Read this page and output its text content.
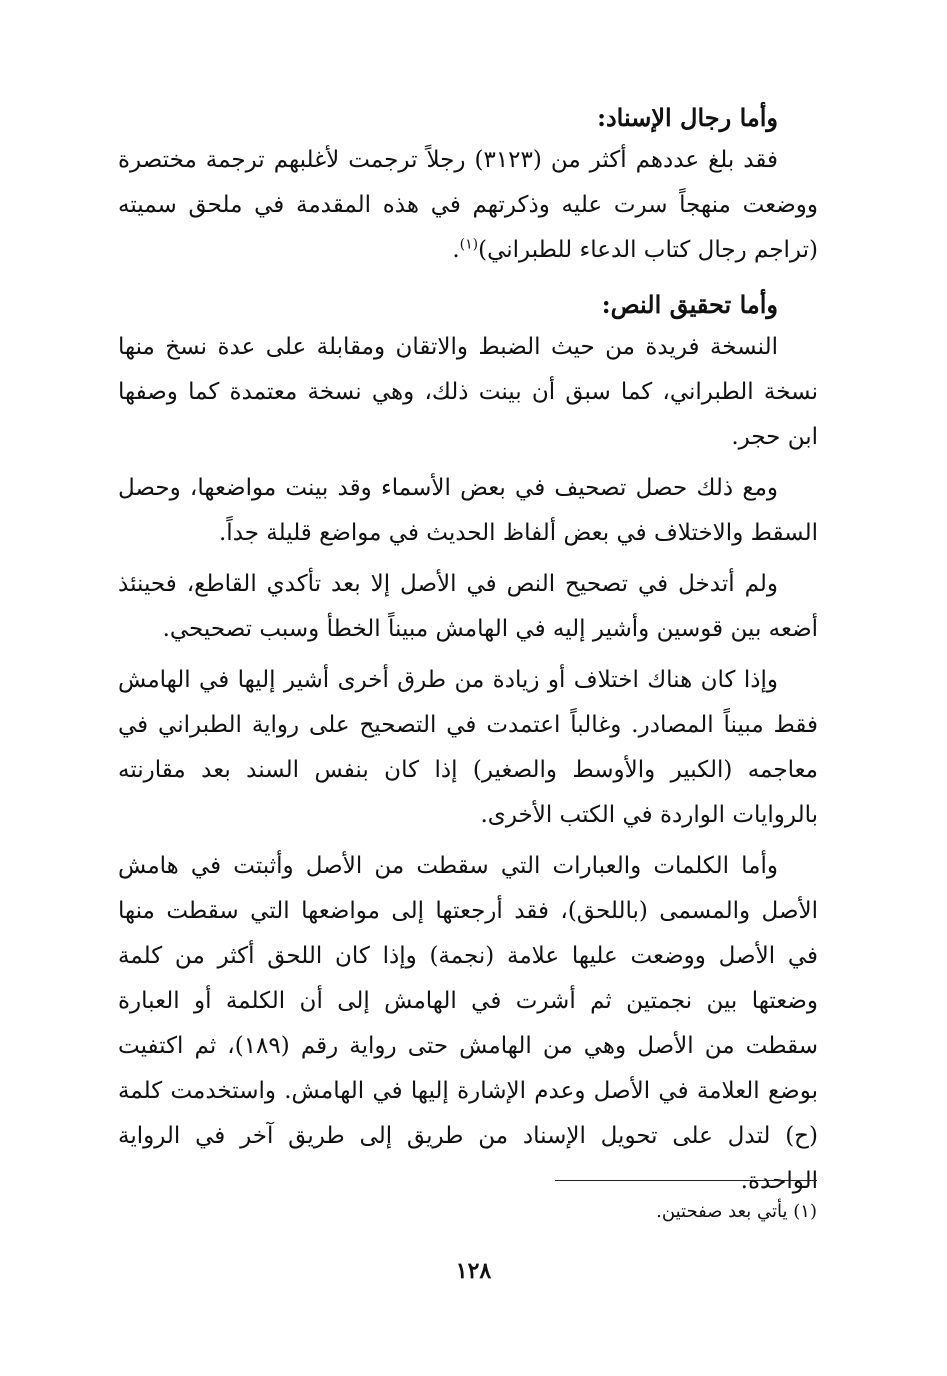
وأما رجال الإسناد:

فقد بلغ عددهم أكثر من (٣١٢٣) رجلاً ترجمت لأغلبهم ترجمة مختصرة ووضعت منهجاً سرت عليه وذكرتهم في هذه المقدمة في ملحق سميته (تراجم رجال كتاب الدعاء للطبراني)$^{(١)}$.

وأما تحقيق النص:

النسخة فريدة من حيث الضبط والاتقان ومقابلة على عدة نسخ منها نسخة الطبراني، كما سبق أن بينت ذلك، وهي نسخة معتمدة كما وصفها ابن حجر.

ومع ذلك حصل تصحيف في بعض الأسماء وقد بينت مواضعها، وحصل السقط والاختلاف في بعض ألفاظ الحديث في مواضع قليلة جداً.

ولم أتدخل في تصحيح النص في الأصل إلا بعد تأكدي القاطع، فحينئذ أضعه بين قوسين وأشير إليه في الهامش مبيناً الخطأ وسبب تصحيحي.

وإذا كان هناك اختلاف أو زيادة من طرق أخرى أشير إليها في الهامش فقط مبيناً المصادر. وغالباً اعتمدت في التصحيح على رواية الطبراني في معاجمه (الكبير والأوسط والصغير) إذا كان بنفس السند بعد مقارنته بالروايات الواردة في الكتب الأخرى.

وأما الكلمات والعبارات التي سقطت من الأصل وأثبتت في هامش الأصل والمسمى (باللحق)، فقد أرجعتها إلى مواضعها التي سقطت منها في الأصل ووضعت عليها علامة (نجمة) وإذا كان اللحق أكثر من كلمة وضعتها بين نجمتين ثم أشرت في الهامش إلى أن الكلمة أو العبارة سقطت من الأصل وهي من الهامش حتى رواية رقم (١٨٩)، ثم اكتفيت بوضع العلامة في الأصل وعدم الإشارة إليها في الهامش. واستخدمت كلمة (ح) لتدل على تحويل الإسناد من طريق إلى طريق آخر في الرواية الواحدة.

(١) يأتي بعد صفحتين.

١٢٨
